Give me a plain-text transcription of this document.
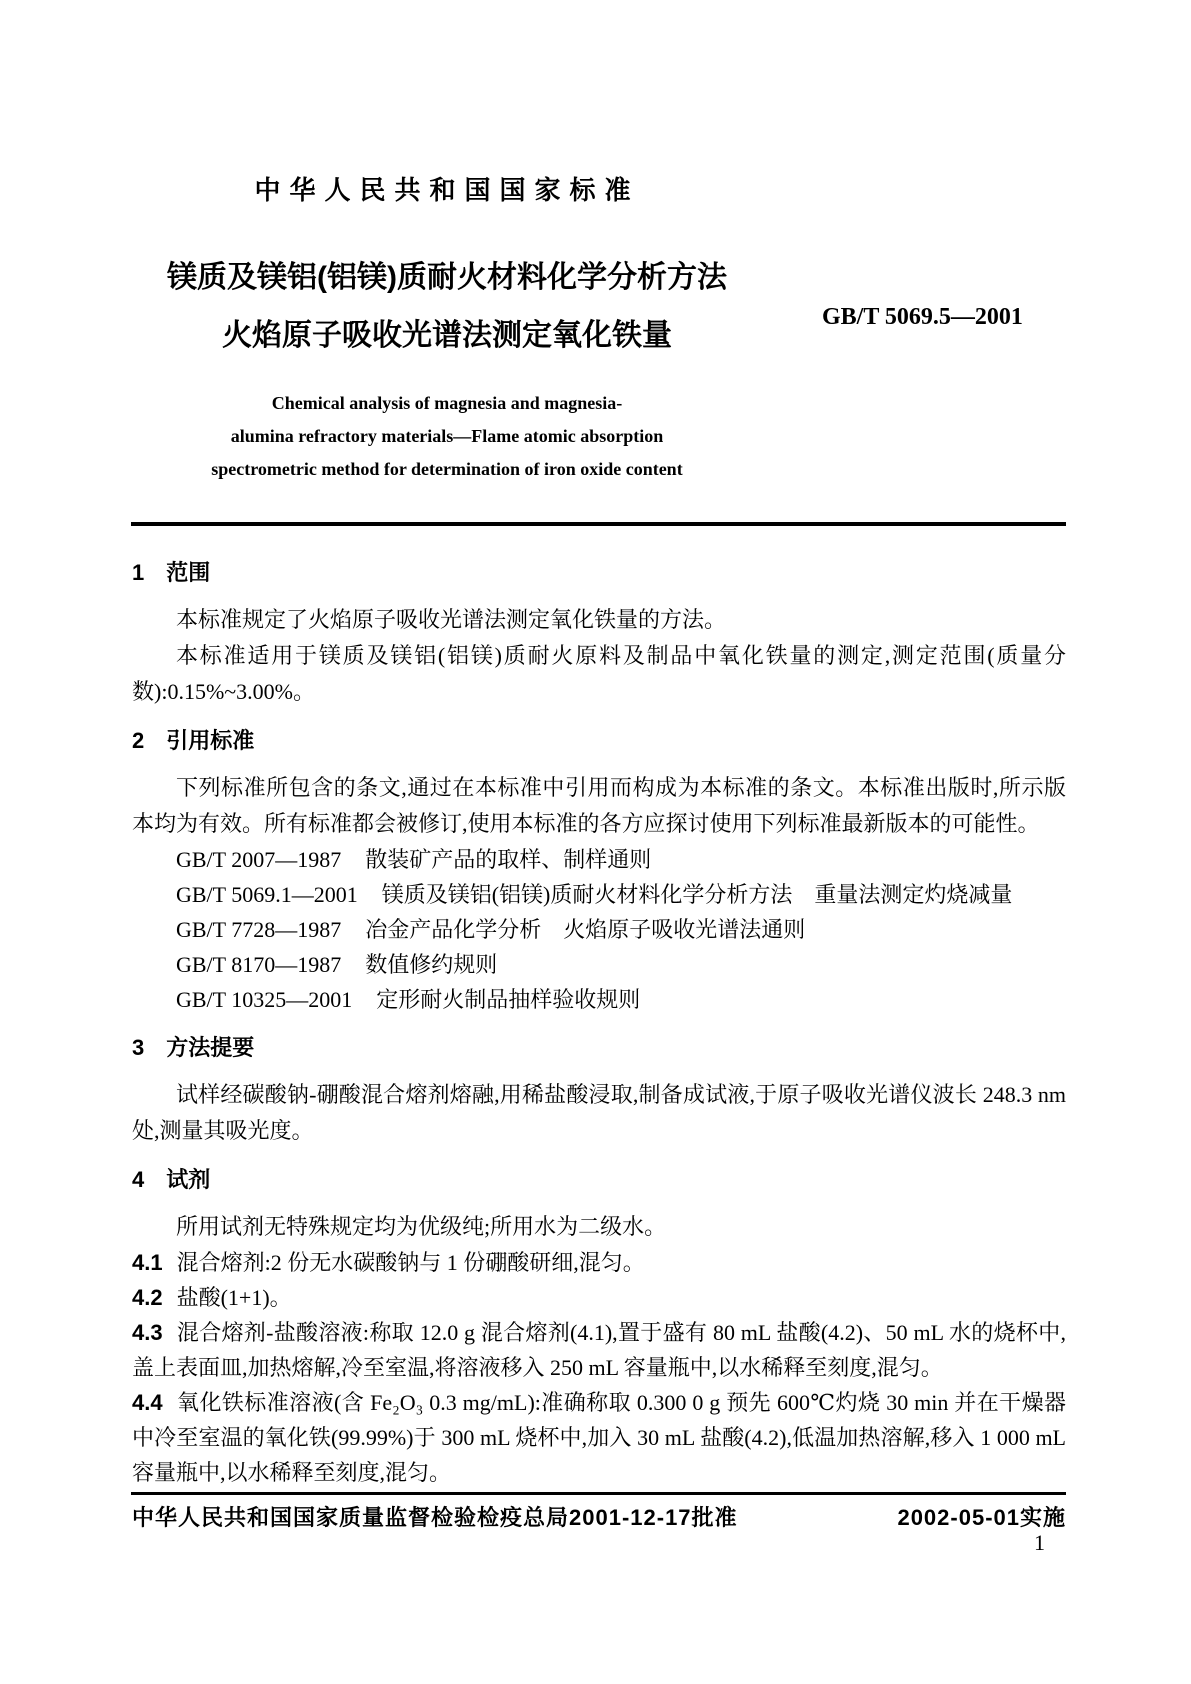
中华人民共和国国家标准
镁质及镁铝(铝镁)质耐火材料化学分析方法
火焰原子吸收光谱法测定氧化铁量
Chemical analysis of magnesia and magnesia-
alumina refractory materials—Flame atomic absorption
spectrometric method for determination of iron oxide content
GB/T 5069.5—2001
1 范围

本标准规定了火焰原子吸收光谱法测定氧化铁量的方法。

本标准适用于镁质及镁铝(铝镁)质耐火原料及制品中氧化铁量的测定,测定范围(质量分数):0.15%~3.00%。

2 引用标准

下列标准所包含的条文,通过在本标准中引用而构成为本标准的条文。本标准出版时,所示版本均为有效。所有标准都会被修订,使用本标准的各方应探讨使用下列标准最新版本的可能性。

GB/T 2007—1987 散装矿产品的取样、制样通则
GB/T 5069.1—2001 镁质及镁铝(铝镁)质耐火材料化学分析方法　重量法测定灼烧减量
GB/T 7728—1987 冶金产品化学分析　火焰原子吸收光谱法通则
GB/T 8170—1987 数值修约规则
GB/T 10325—2001 定形耐火制品抽样验收规则
3 方法提要

试样经碳酸钠-硼酸混合熔剂熔融,用稀盐酸浸取,制备成试液,于原子吸收光谱仪波长 248.3 nm 处,测量其吸光度。

4 试剂

所用试剂无特殊规定均为优级纯;所用水为二级水。

4.1 混合熔剂:2 份无水碳酸钠与 1 份硼酸研细,混匀。

4.2 盐酸(1+1)。

4.3 混合熔剂-盐酸溶液:称取 12.0 g 混合熔剂(4.1),置于盛有 80 mL 盐酸(4.2)、50 mL 水的烧杯中,盖上表面皿,加热熔解,冷至室温,将溶液移入 250 mL 容量瓶中,以水稀释至刻度,混匀。

4.4 氧化铁标准溶液(含 Fe₂O₃ 0.3 mg/mL):准确称取 0.300 0 g 预先 600℃灼烧 30 min 并在干燥器中冷至室温的氧化铁(99.99%)于 300 mL 烧杯中,加入 30 mL 盐酸(4.2),低温加热溶解,移入 1 000 mL容量瓶中,以水稀释至刻度,混匀。

中华人民共和国国家质量监督检验检疫总局2001-12-17批准	2002-05-01实施
1
